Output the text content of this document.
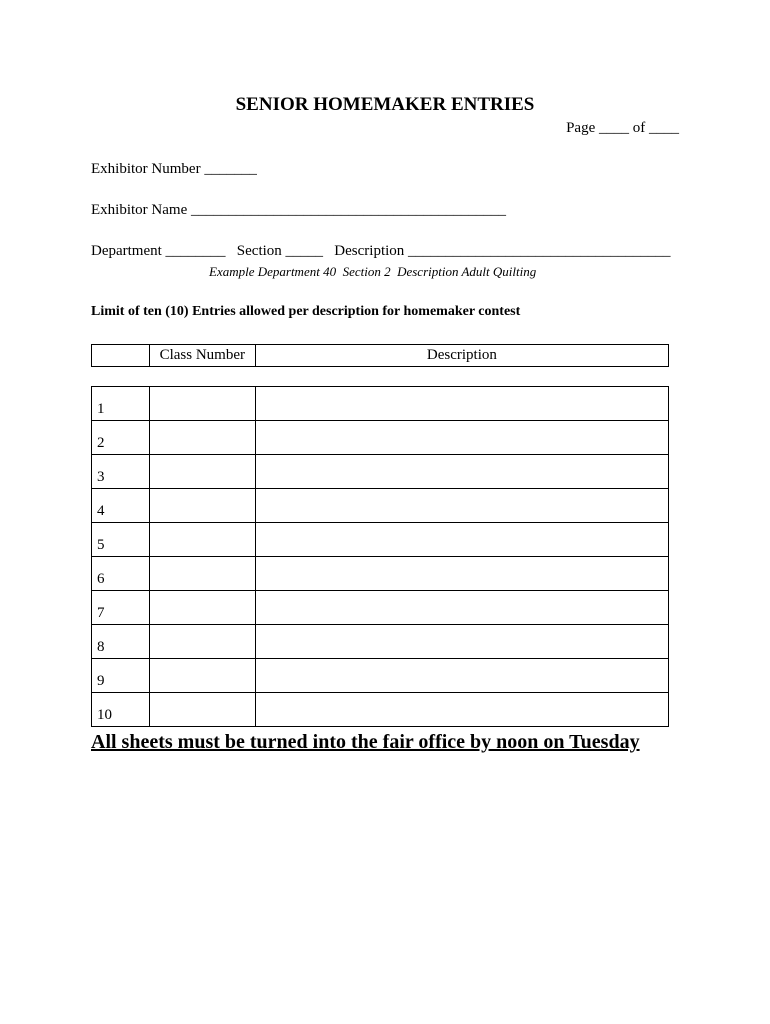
SENIOR HOMEMAKER ENTRIES
Page ____ of ____
Exhibitor Number _______
Exhibitor Name __________________________________________
Department ________   Section _____   Description ___________________________________
Example Department 40  Section 2  Description Adult Quilting
Limit of ten (10) Entries allowed per description for homemaker contest
	Class Number	Description
1		
2		
3		
4		
5		
6		
7		
8		
9		
10		
All sheets must be turned into the fair office by noon on Tuesday
